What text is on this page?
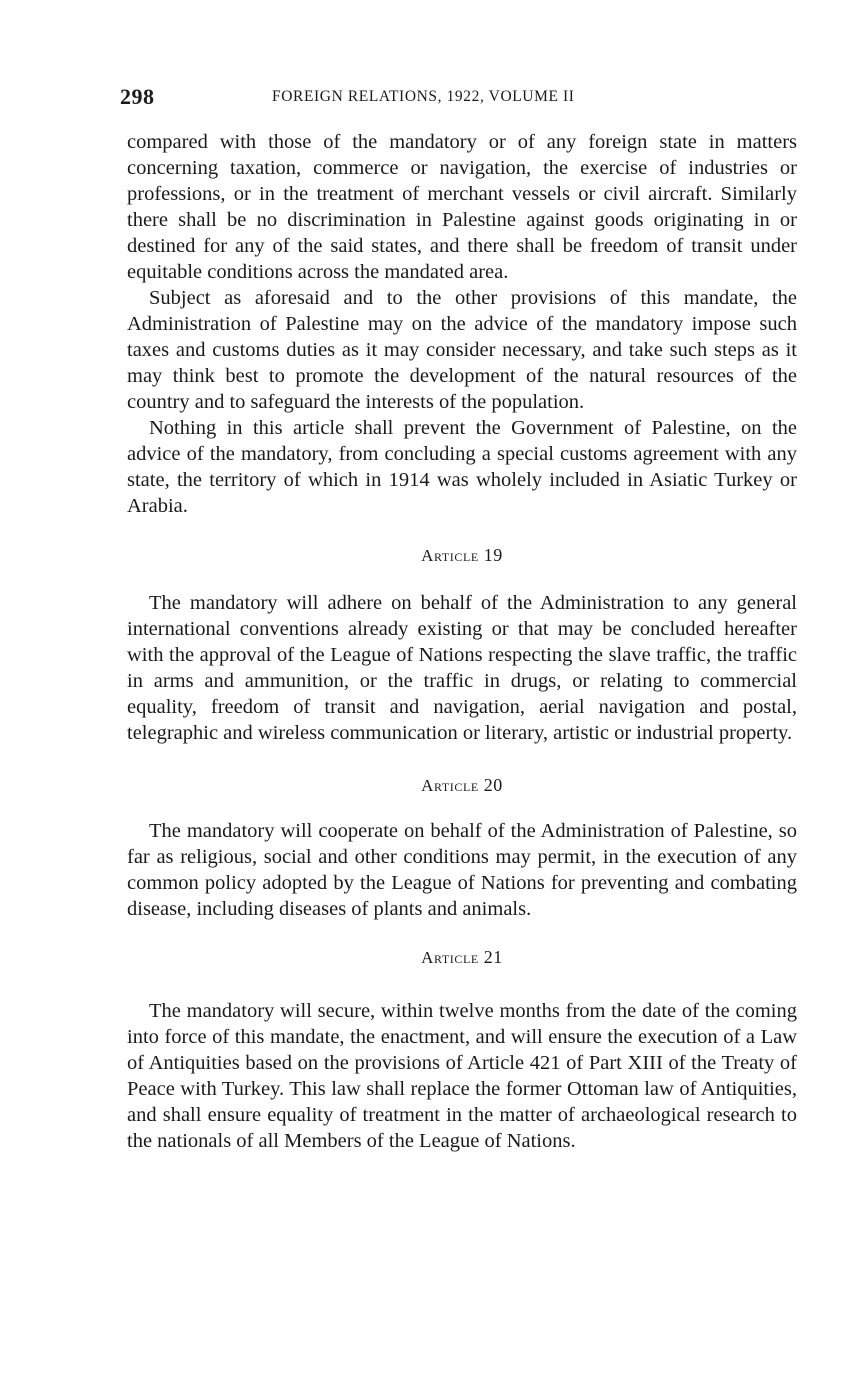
298	FOREIGN RELATIONS, 1922, VOLUME II

compared with those of the mandatory or of any foreign state in matters concerning taxation, commerce or navigation, the exercise of industries or professions, or in the treatment of merchant vessels or civil aircraft. Similarly there shall be no discrimination in Palestine against goods originating in or destined for any of the said states, and there shall be freedom of transit under equitable conditions across the mandated area.

Subject as aforesaid and to the other provisions of this mandate, the Administration of Palestine may on the advice of the mandatory impose such taxes and customs duties as it may consider necessary, and take such steps as it may think best to promote the development of the natural resources of the country and to safeguard the interests of the population.

Nothing in this article shall prevent the Government of Palestine, on the advice of the mandatory, from concluding a special customs agreement with any state, the territory of which in 1914 was wholely included in Asiatic Turkey or Arabia.

Article 19

The mandatory will adhere on behalf of the Administration to any general international conventions already existing or that may be concluded hereafter with the approval of the League of Nations respecting the slave traffic, the traffic in arms and ammunition, or the traffic in drugs, or relating to commercial equality, freedom of transit and navigation, aerial navigation and postal, telegraphic and wireless communication or literary, artistic or industrial property.

Article 20

The mandatory will cooperate on behalf of the Administration of Palestine, so far as religious, social and other conditions may permit, in the execution of any common policy adopted by the League of Nations for preventing and combating disease, including diseases of plants and animals.

Article 21

The mandatory will secure, within twelve months from the date of the coming into force of this mandate, the enactment, and will ensure the execution of a Law of Antiquities based on the provisions of Article 421 of Part XIII of the Treaty of Peace with Turkey. This law shall replace the former Ottoman law of Antiquities, and shall ensure equality of treatment in the matter of archaeological research to the nationals of all Members of the League of Nations.
